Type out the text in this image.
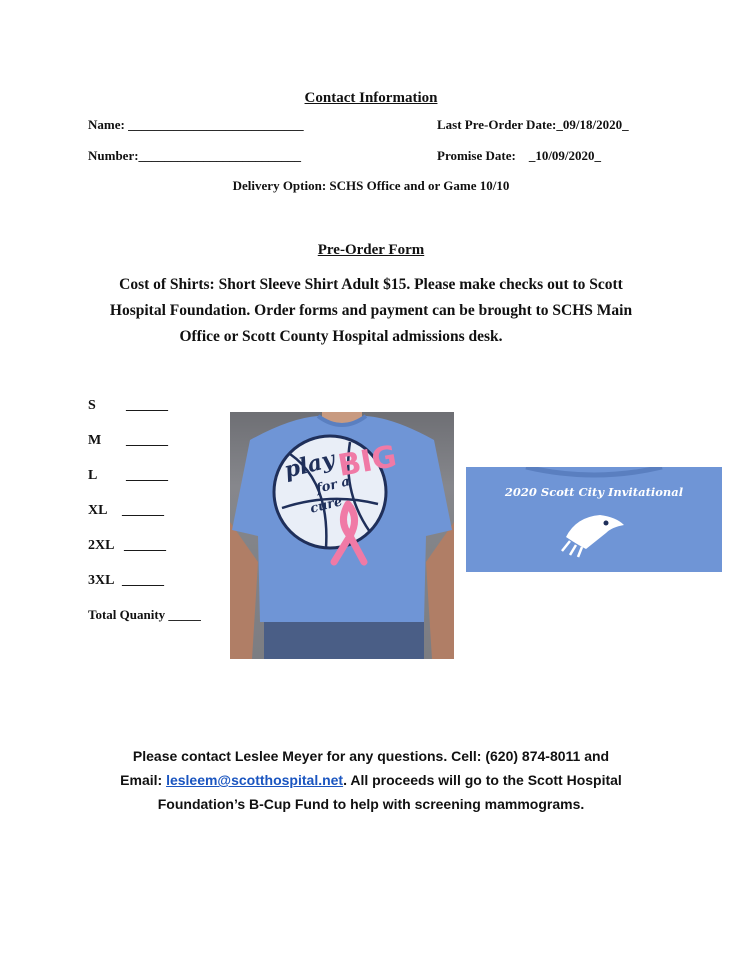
Contact Information
Name: ___________________________	Last Pre-Order Date:_09/18/2020_
Number:_________________________	Promise Date:    _10/09/2020_
Delivery Option: SCHS Office and or Game 10/10
Pre-Order Form
Cost of Shirts: Short Sleeve Shirt Adult $15. Please make checks out to Scott
Hospital Foundation. Order forms and payment can be brought to SCHS Main
Office or Scott County Hospital admissions desk.
S ______
M ______
L ______
XL ______
2XL ______
3XL ______
Total Quanity _____
play
BIG
for a
cure
2020 Scott City Invitational
Please contact Leslee Meyer for any questions. Cell: (620) 874-8011 and
Email: lesleem@scotthospital.net. All proceeds will go to the Scott Hospital
Foundation’s B-Cup Fund to help with screening mammograms.
